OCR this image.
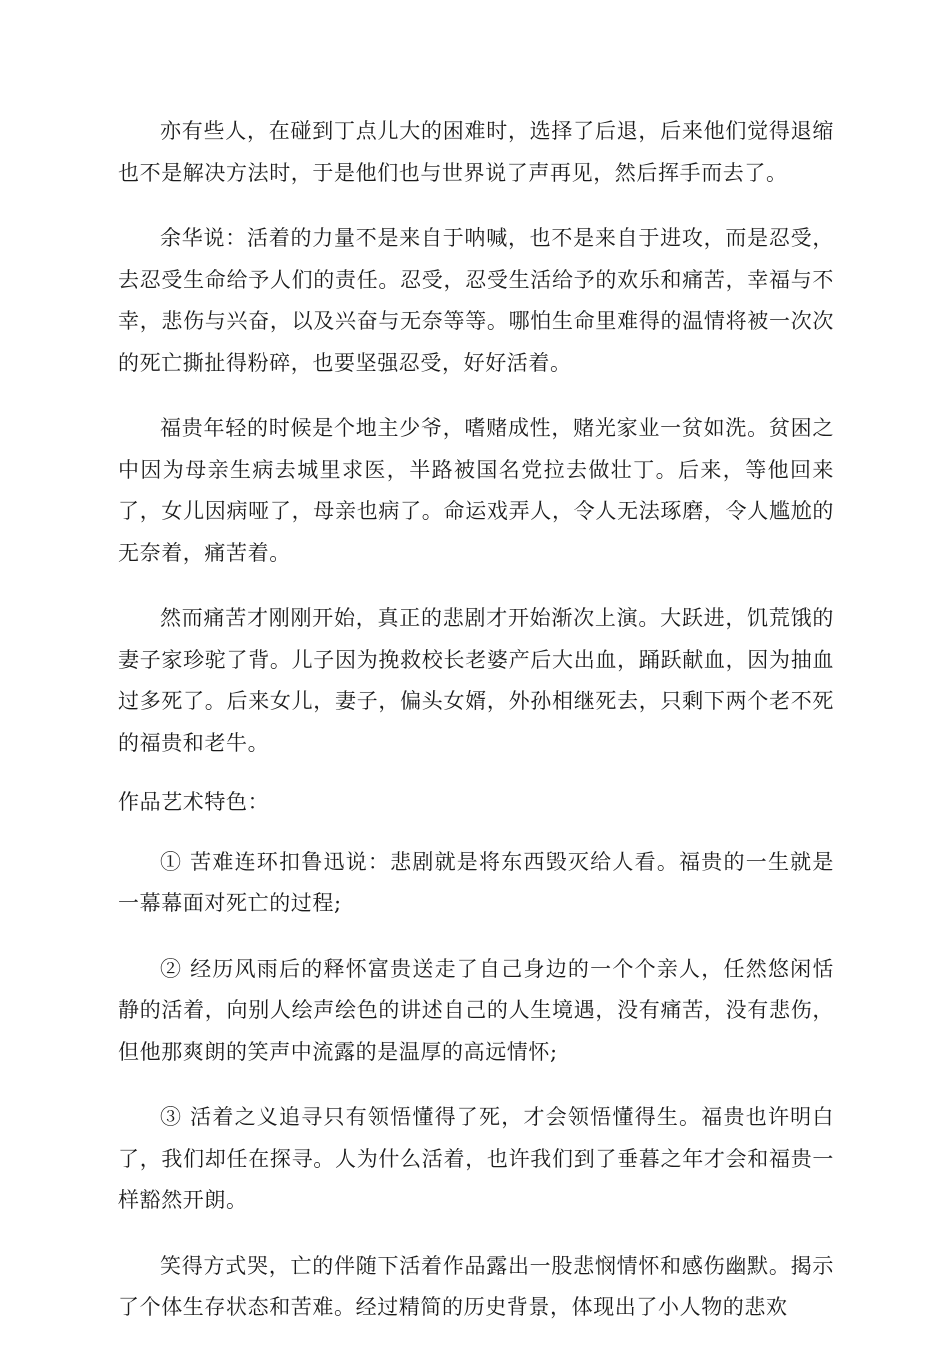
亦有些人，在碰到丁点儿大的困难时，选择了后退，后来他们觉得退缩也不是解决方法时，于是他们也与世界说了声再见，然后挥手而去了。

余华说：活着的力量不是来自于呐喊，也不是来自于进攻，而是忍受，去忍受生命给予人们的责任。忍受，忍受生活给予的欢乐和痛苦，幸福与不幸，悲伤与兴奋，以及兴奋与无奈等等。哪怕生命里难得的温情将被一次次的死亡撕扯得粉碎，也要坚强忍受，好好活着。

福贵年轻的时候是个地主少爷，嗜赌成性，赌光家业一贫如洗。贫困之中因为母亲生病去城里求医，半路被国名党拉去做壮丁。后来，等他回来了，女儿因病哑了，母亲也病了。命运戏弄人，令人无法琢磨，令人尴尬的无奈着，痛苦着。

然而痛苦才刚刚开始，真正的悲剧才开始渐次上演。大跃进，饥荒饿的妻子家珍驼了背。儿子因为挽救校长老婆产后大出血，踊跃献血，因为抽血过多死了。后来女儿，妻子，偏头女婿，外孙相继死去，只剩下两个老不死的福贵和老牛。

作品艺术特色：

① 苦难连环扣鲁迅说：悲剧就是将东西毁灭给人看。福贵的一生就是一幕幕面对死亡的过程;

② 经历风雨后的释怀富贵送走了自己身边的一个个亲人，任然悠闲恬静的活着，向别人绘声绘色的讲述自己的人生境遇，没有痛苦，没有悲伤，但他那爽朗的笑声中流露的是温厚的高远情怀;

③ 活着之义追寻只有领悟懂得了死，才会领悟懂得生。福贵也许明白了，我们却任在探寻。人为什么活着，也许我们到了垂暮之年才会和福贵一样豁然开朗。

笑得方式哭，亡的伴随下活着作品露出一股悲悯情怀和感伤幽默。揭示了个体生存状态和苦难。经过精简的历史背景，体现出了小人物的悲欢
